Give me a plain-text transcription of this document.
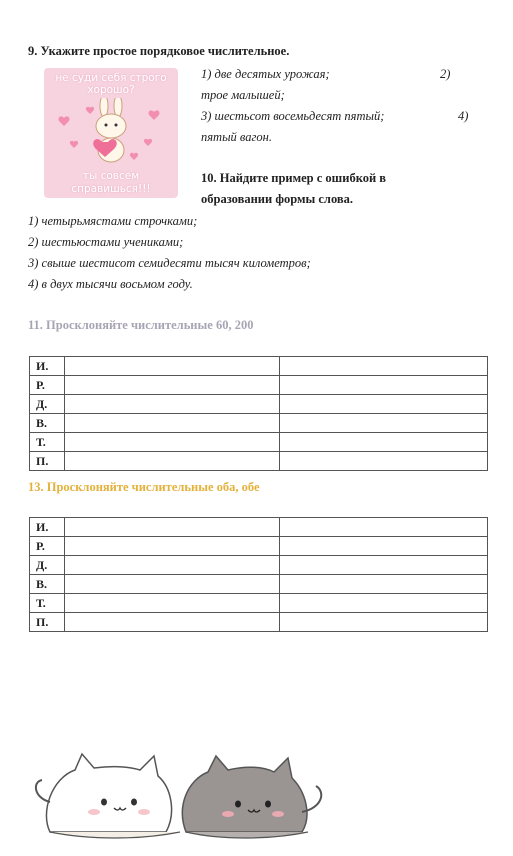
9. Укажите простое порядковое числительное.
не суди себя строго
хорошо?
ты совсем
справишься!!!
1) две десятых урожая;	2)
трое малышей;
3) шестьсот восемьдесят пятый;	4)
пятый вагон.
10. Найдите пример с ошибкой в
образовании формы слова.
1) четырьмястами строчками;
2) шестьюстами учениками;
3) свыше шестисот семидесяти тысяч километров;
4) в двух тысячи восьмом году.
11. Просклоняйте числительные 60, 200
И.		
Р.		
Д.		
В.		
Т.		
П.		
13. Просклоняйте числительные оба, обе
И.		
Р.		
Д.		
В.		
Т.		
П.		
